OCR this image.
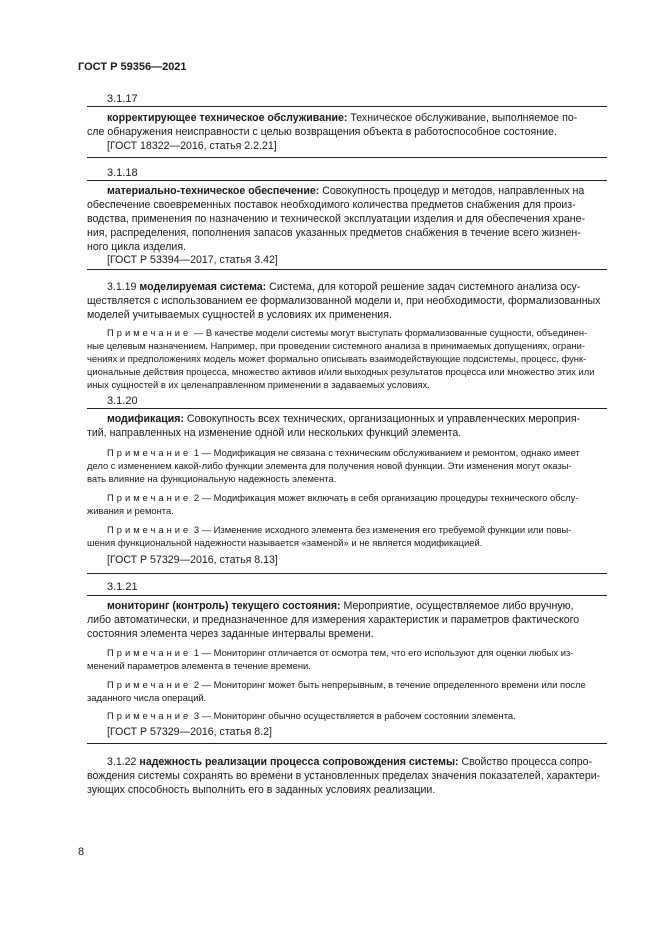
ГОСТ Р 59356—2021
3.1.17
корректирующее техническое обслуживание: Техническое обслуживание, выполняемое по-
сле обнаружения неисправности с целью возвращения объекта в работоспособное состояние.
[ГОСТ 18322—2016, статья 2.2.21]
3.1.18
материально-техническое обеспечение: Совокупность процедур и методов, направленных на
обеспечение своевременных поставок необходимого количества предметов снабжения для произ-
водства, применения по назначению и технической эксплуатации изделия и для обеспечения хране-
ния, распределения, пополнения запасов указанных предметов снабжения в течение всего жизнен-
ного цикла изделия.
[ГОСТ Р 53394—2017, статья 3.42]
3.1.19 моделируемая система: Система, для которой решение задач системного анализа осу-
ществляется с использованием ее формализованной модели и, при необходимости, формализованных
моделей учитываемых сущностей в условиях их применения.
Примечание — В качестве модели системы могут выступать формализованные сущности, объединен-
ные целевым назначением. Например, при проведении системного анализа в принимаемых допущениях, ограни-
чениях и предположениях модель может формально описывать взаимодействующие подсистемы, процесс, функ-
циональные действия процесса, множество активов и/или выходных результатов процесса или множество этих или
иных сущностей в их целенаправленном применении в задаваемых условиях.
3.1.20
модификация: Совокупность всех технических, организационных и управленческих мероприя-
тий, направленных на изменение одной или нескольких функций элемента.
Примечание 1 — Модификация не связана с техническим обслуживанием и ремонтом, однако имеет
дело с изменением какой-либо функции элемента для получения новой функции. Эти изменения могут оказы-
вать влияние на функциональную надежность элемента.
Примечание 2 — Модификация может включать в себя организацию процедуры технического обслу-
живания и ремонта.
Примечание 3 — Изменение исходного элемента без изменения его требуемой функции или повы-
шения функциональной надежности называется «заменой» и не является модификацией.
[ГОСТ Р 57329—2016, статья 8.13]
3.1.21
мониторинг (контроль) текущего состояния: Мероприятие, осуществляемое либо вручную,
либо автоматически, и предназначенное для измерения характеристик и параметров фактического
состояния элемента через заданные интервалы времени.
Примечание 1 — Мониторинг отличается от осмотра тем, что его используют для оценки любых из-
менений параметров элемента в течение времени.
Примечание 2 — Мониторинг может быть непрерывным, в течение определенного времени или после
заданного числа операций.
Примечание 3 — Мониторинг обычно осуществляется в рабочем состоянии элемента.
[ГОСТ Р 57329—2016, статья 8.2]
3.1.22 надежность реализации процесса сопровождения системы: Свойство процесса сопро-
вождения системы сохранять во времени в установленных пределах значения показателей, характери-
зующих способность выполнить его в заданных условиях реализации.
8
